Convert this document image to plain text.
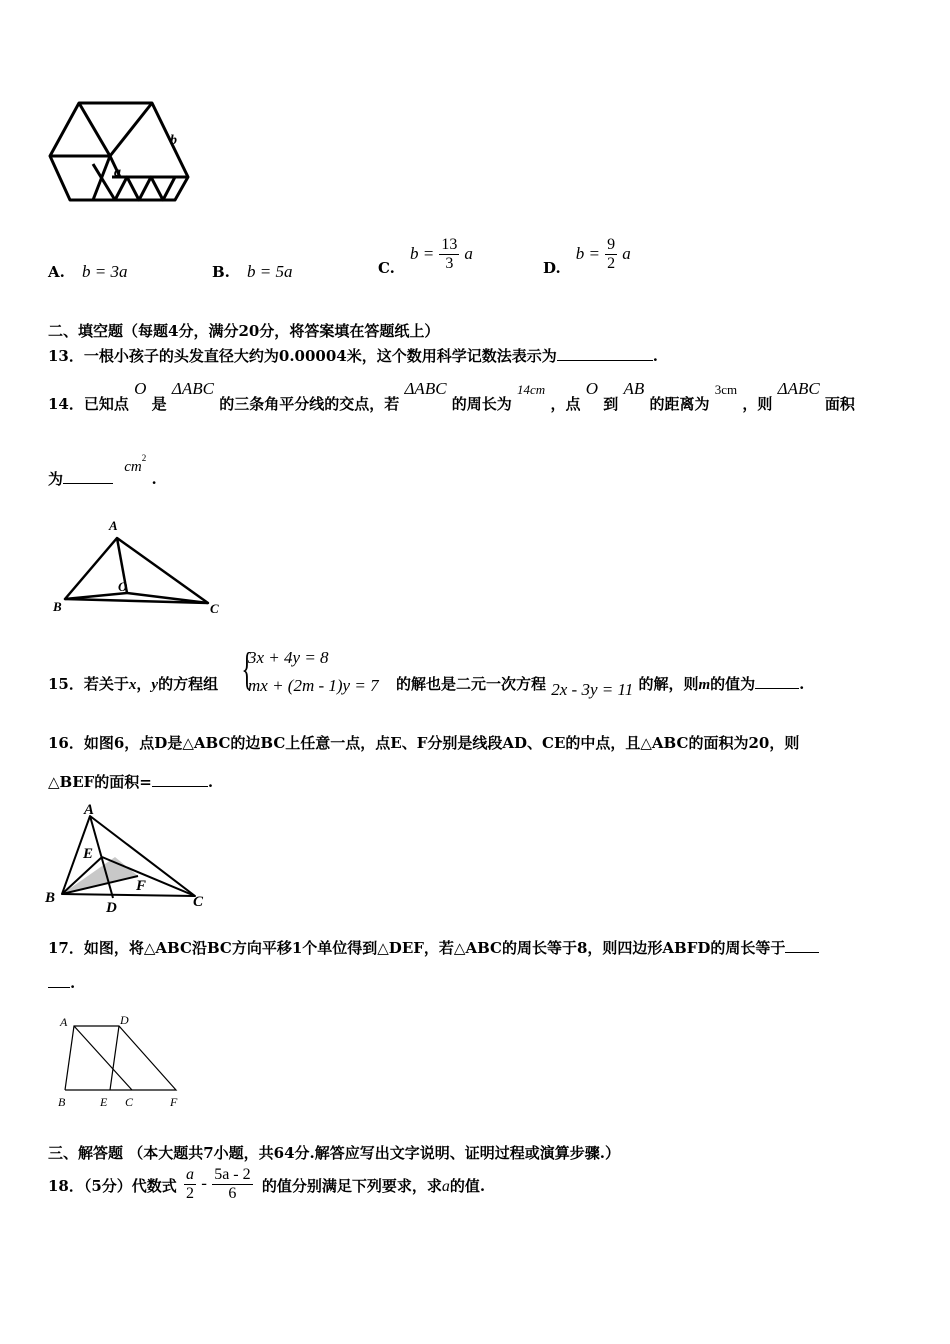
a
b
A. b = 3a	B. b = 5a	C. $b = \frac{13}{3}$ a
D. $b = \frac{9}{2}$ a
二、填空题（每题4分，满分20分，将答案填在答题纸上）
13．一根小孩子的头发直径大约为0.00004米，这个数用科学记数法表示为	.
14．已知点 O 是 ΔABC 的三条角平分线的交点，若 ΔABC 的周长为 14cm ，点 O 到 AB 的距离为 3cm ，则 ΔABC 面积
为 $cm^2$ .
A
B	C
O
15．若关于x，y的方程组 {
3x + 4y = 8
mx + (2m - 1)y = 7 的解也是二元一次方程 2x - 3y = 11 的解，则m的值为	.
16．如图6，点D是△ABC的边BC上任意一点，点E、F分别是线段AD、CE的中点，且△ABC的面积为20，则
△BEF的面积=	.
A
B	C
D
E
F
17．如图，将△ABC沿BC方向平移1个单位得到△DEF，若△ABC的周长等于8，则四边形ABFD的周长等于
.
A	D
B	E C	F
三、解答题 （本大题共7小题，共64分.解答应写出文字说明、证明过程或演算步骤.）
18．（5分）代数式 $\frac{a}{2} - \frac{5a - 2}{6}$ 的值分别满足下列要求，求a的值.
